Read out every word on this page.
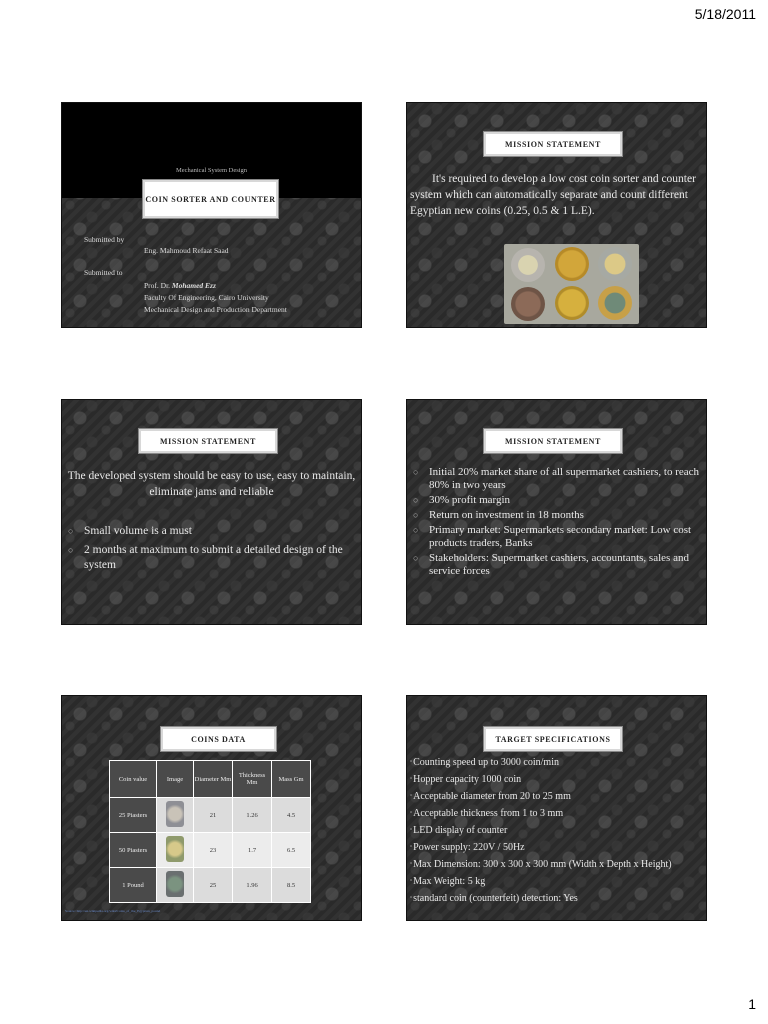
5/18/2011
Mechanical System Design
COIN SORTER AND COUNTER
Submitted by
Eng. Mahmoud Refaat Saad
Submitted to
Prof. Dr. Mohamed Ezz
Faculty Of Engineering, Cairo University
Mechanical Design and Production Department
MISSION STATEMENT
It's required to develop a low cost coin sorter and counter system which can automatically separate and count different Egyptian new coins (0.25, 0.5 & 1 L.E).
MISSION STATEMENT
The developed system should be easy to use, easy to maintain, eliminate jams and reliable
○ Small volume is a must
○ 2 months at maximum to submit a detailed design of the system
MISSION STATEMENT
○ Initial 20% market share of all supermarket cashiers, to reach 80% in two years
○ 30% profit margin
○ Return on investment in 18 months
○ Primary market: Supermarkets secondary market: Low cost products traders, Banks
○ Stakeholders: Supermarket cashiers, accountants, sales and service forces
COINS DATA
Coin value	Image	Diameter Mm	Thickness Mm	Mass Gm
25 Piasters		21	1.26	4.5
50 Piasters		23	1.7	6.5
1 Pound		25	1.96	8.5
Source: http://en.wikipedia.org/wiki/Coins_of_the_Egyptian_pound
TARGET SPECIFICATIONS
▫Counting speed up to 3000 coin/min
▫Hopper capacity 1000 coin
▫Acceptable diameter from 20 to 25 mm
▫Acceptable thickness from 1 to 3 mm
▫LED display of counter
▫Power supply: 220V / 50Hz
▫Max Dimension: 300 x 300 x 300 mm (Width x Depth x Height)
▫Max Weight: 5 kg
▫standard coin (counterfeit) detection: Yes
1
